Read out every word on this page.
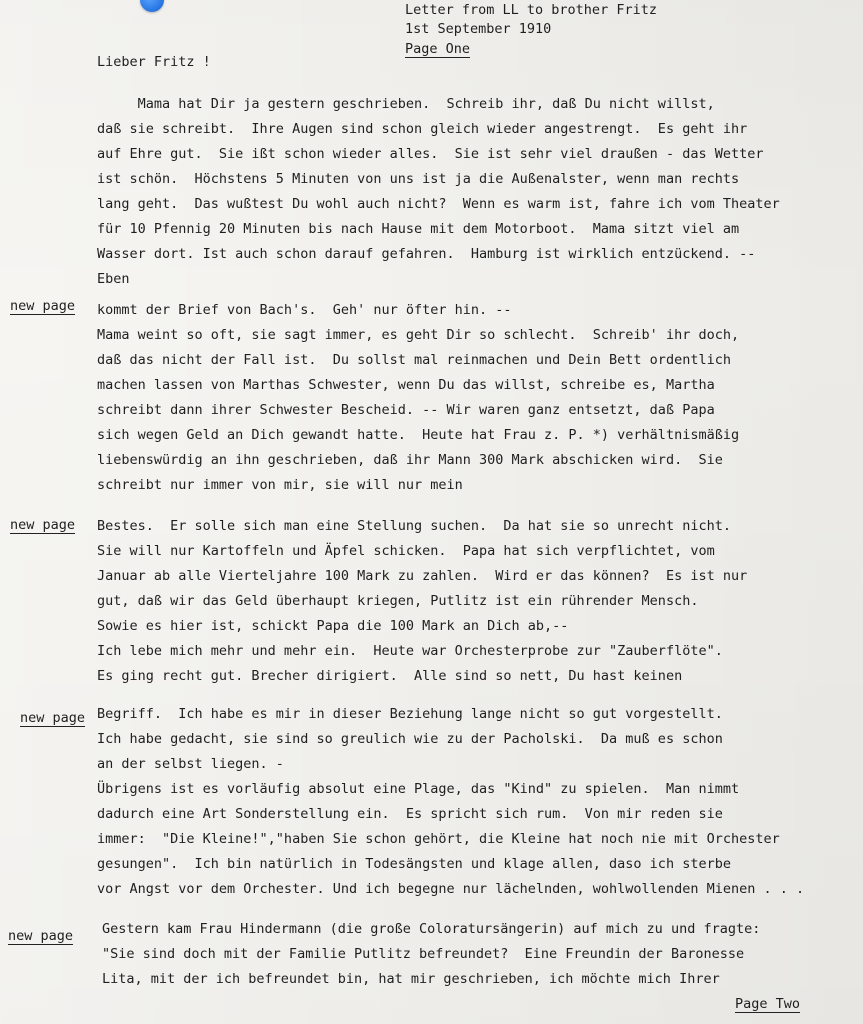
Letter from LL to brother Fritz
1st September 1910
Page One
Lieber Fritz !
Mama hat Dir ja gestern geschrieben.  Schreib ihr, daß Du nicht willst,
daß sie schreibt.  Ihre Augen sind schon gleich wieder angestrengt.  Es geht ihr
auf Ehre gut.  Sie ißt schon wieder alles.  Sie ist sehr viel draußen - das Wetter
ist schön.  Höchstens 5 Minuten von uns ist ja die Außenalster, wenn man rechts
lang geht.  Das wußtest Du wohl auch nicht?  Wenn es warm ist, fahre ich vom Theater
für 10 Pfennig 20 Minuten bis nach Hause mit dem Motorboot.  Mama sitzt viel am
Wasser dort. Ist auch schon darauf gefahren.  Hamburg ist wirklich entzückend. --
Eben
new page kommt der Brief von Bach's.  Geh' nur öfter hin. --
Mama weint so oft, sie sagt immer, es geht Dir so schlecht.  Schreib' ihr doch,
daß das nicht der Fall ist.  Du sollst mal reinmachen und Dein Bett ordentlich
machen lassen von Marthas Schwester, wenn Du das willst, schreibe es, Martha
schreibt dann ihrer Schwester Bescheid. -- Wir waren ganz entsetzt, daß Papa
sich wegen Geld an Dich gewandt hatte.  Heute hat Frau z. P. *) verhältnismäßig
liebenswürdig an ihn geschrieben, daß ihr Mann 300 Mark abschicken wird.  Sie
schreibt nur immer von mir, sie will nur mein
new page Bestes.  Er solle sich man eine Stellung suchen.  Da hat sie so unrecht nicht.
Sie will nur Kartoffeln und Äpfel schicken.  Papa hat sich verpflichtet, vom
Januar ab alle Vierteljahre 100 Mark zu zahlen.  Wird er das können?  Es ist nur
gut, daß wir das Geld überhaupt kriegen, Putlitz ist ein rührender Mensch.
Sowie es hier ist, schickt Papa die 100 Mark an Dich ab,--
Ich lebe mich mehr und mehr ein.  Heute war Orchesterprobe zur "Zauberflöte".
Es ging recht gut. Brecher dirigiert.  Alle sind so nett, Du hast keinen
new page Begriff.  Ich habe es mir in dieser Beziehung lange nicht so gut vorgestellt.
Ich habe gedacht, sie sind so greulich wie zu der Pacholski.  Da muß es schon
an der selbst liegen. -
Übrigens ist es vorläufig absolut eine Plage, das "Kind" zu spielen.  Man nimmt
dadurch eine Art Sonderstellung ein.  Es spricht sich rum.  Von mir reden sie
immer:  "Die Kleine!","haben Sie schon gehört, die Kleine hat noch nie mit Orchester
gesungen".  Ich bin natürlich in Todesängsten und klage allen, daso ich sterbe
vor Angst vor dem Orchester. Und ich begegne nur lächelnden, wohlwollenden Mienen . . .
new page Gestern kam Frau Hindermann (die große Coloratursängerin) auf mich zu und fragte:
"Sie sind doch mit der Familie Putlitz befreundet?  Eine Freundin der Baronesse
Lita, mit der ich befreundet bin, hat mir geschrieben, ich möchte mich Ihrer
Page Two
